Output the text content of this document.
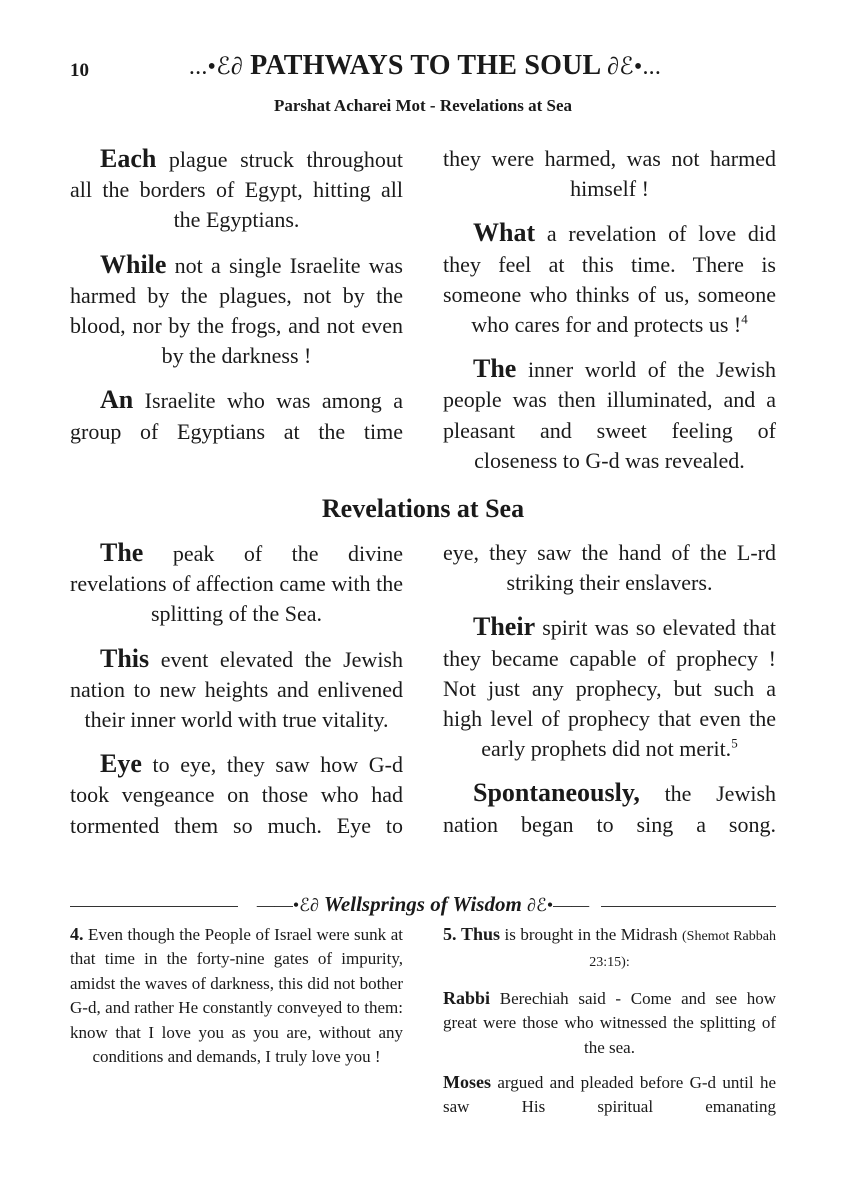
10	...•ℰ∂ PATHWAYS TO THE SOUL ∂ℰ•...
Parshat Acharei Mot - Revelations at Sea

Each plague struck throughout all the borders of Egypt, hitting all the Egyptians.

While not a single Israelite was harmed by the plagues, not by the blood, nor by the frogs, and not even by the darkness !

An Israelite who was among a group of Egyptians at the time

they were harmed, was not harmed himself !

What a revelation of love did they feel at this time. There is someone who thinks of us, someone who cares for and protects us !$^4$

The inner world of the Jewish people was then illuminated, and a pleasant and sweet feeling of closeness to G-d was revealed.

Revelations at Sea

The peak of the divine revelations of affection came with the splitting of the Sea.

This event elevated the Jewish nation to new heights and enlivened their inner world with true vitality.

Eye to eye, they saw how G-d took vengeance on those who had tormented them so much. Eye to

eye, they saw the hand of the L-rd striking their enslavers.

Their spirit was so elevated that they became capable of prophecy ! Not just any prophecy, but such a high level of prophecy that even the early prophets did not merit.$^5$

Spontaneously, the Jewish nation began to sing a song.

——•ℰ∂ Wellsprings of Wisdom ∂ℰ•——

4. Even though the People of Israel were sunk at that time in the forty-nine gates of impurity, amidst the waves of darkness, this did not bother G-d, and rather He constantly conveyed to them: know that I love you as you are, without any conditions and demands, I truly love you !

5. Thus is brought in the Midrash (Shemot Rabbah 23:15):

Rabbi Berechiah said - Come and see how great were those who witnessed the splitting of the sea.

Moses argued and pleaded before G-d until he saw His spiritual emanating
